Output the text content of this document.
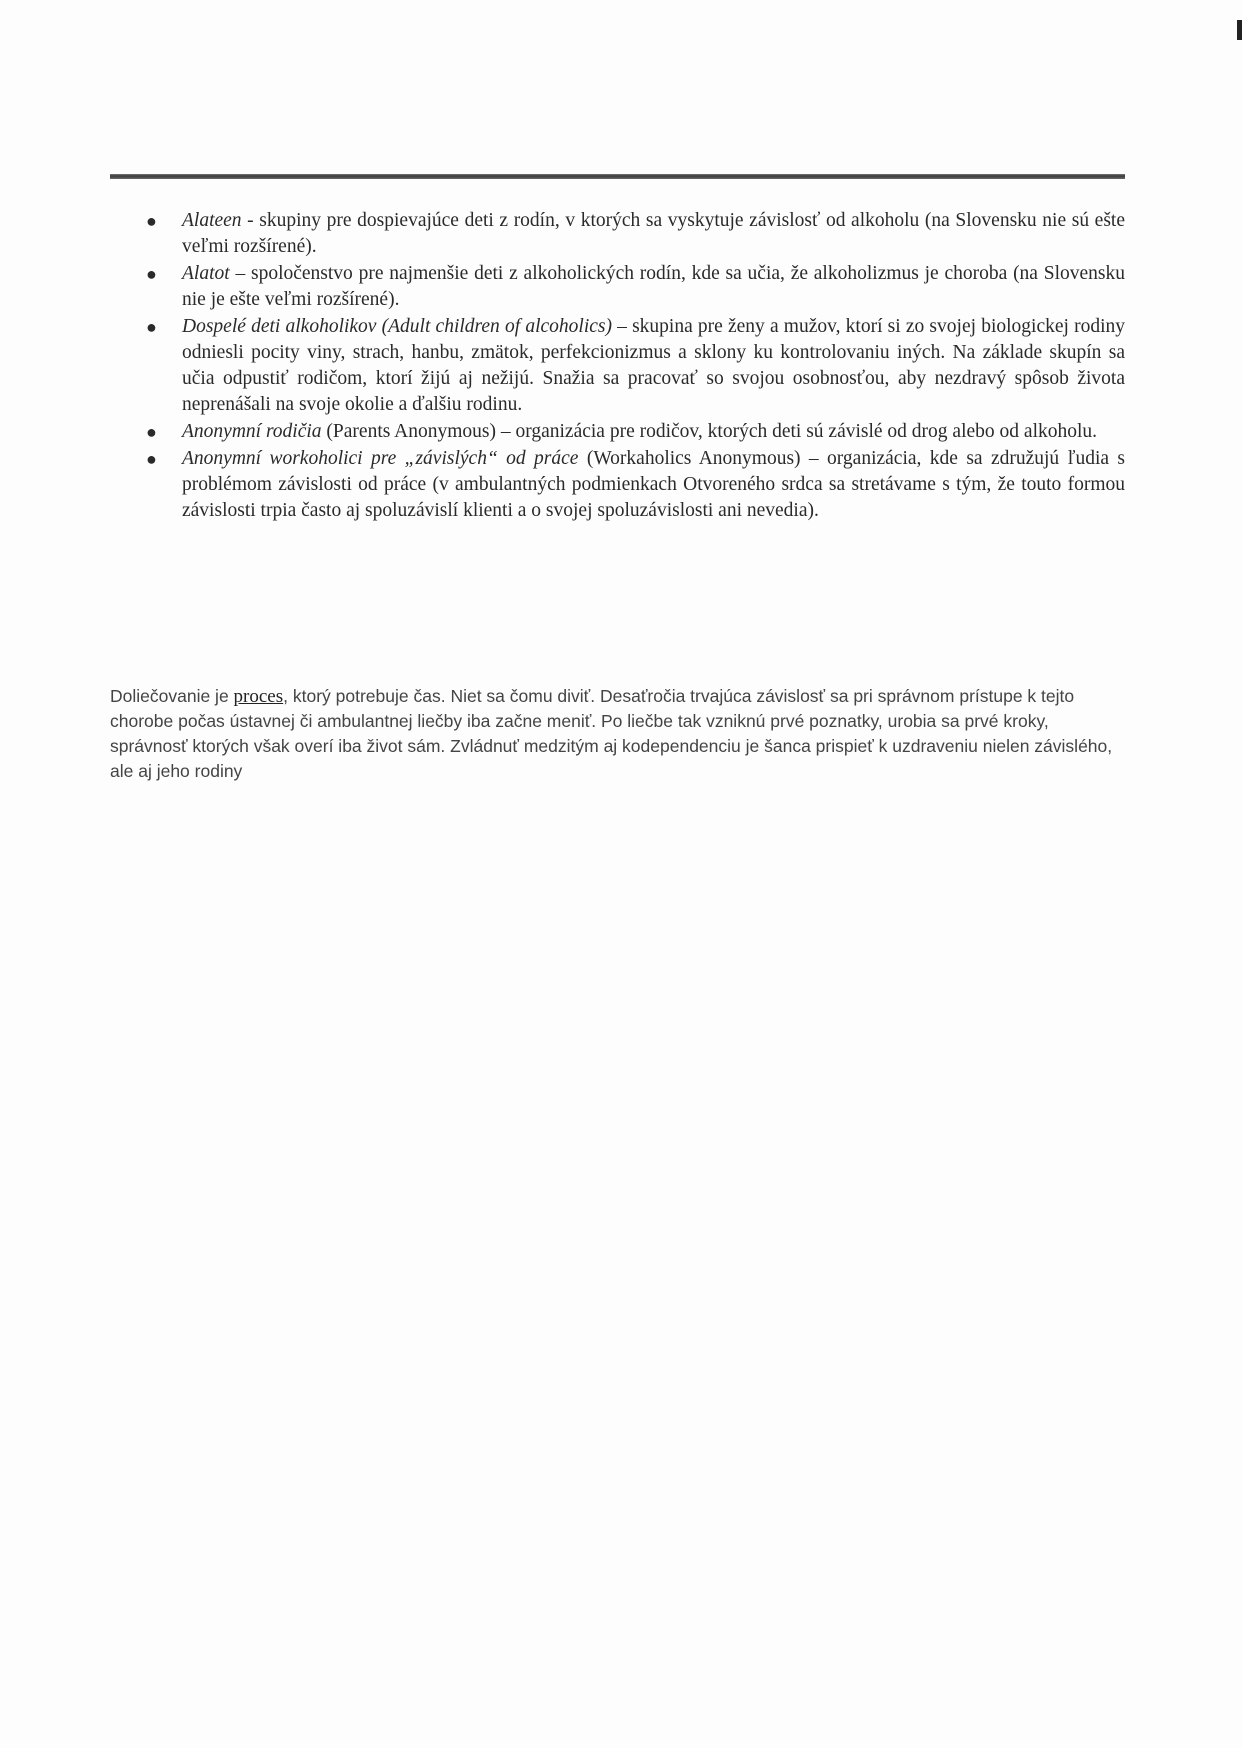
● Alateen - skupiny pre dospievajúce deti z rodín, v ktorých sa vyskytuje závislosť od alkoholu (na Slovensku nie sú ešte veľmi rozšírené).
● Alatot – spoločenstvo pre najmenšie deti z alkoholických rodín, kde sa učia, že alkoholizmus je choroba (na Slovensku nie je ešte veľmi rozšírené).
● Dospelé deti alkoholikov (Adult children of alcoholics) – skupina pre ženy a mužov, ktorí si zo svojej biologickej rodiny odniesli pocity viny, strach, hanbu, zmätok, perfekcionizmus a sklony ku kontrolovaniu iných. Na základe skupín sa učia odpustiť rodičom, ktorí žijú aj nežijú. Snažia sa pracovať so svojou osobnosťou, aby nezdravý spôsob života neprenášali na svoje okolie a ďalšiu rodinu.
● Anonymní rodičia (Parents Anonymous) – organizácia pre rodičov, ktorých deti sú závislé od drog alebo od alkoholu.
● Anonymní workoholici pre „závislých“ od práce (Workaholics Anonymous) – organizácia, kde sa združujú ľudia s problémom závislosti od práce (v ambulantných podmienkach Otvoreného srdca sa stretávame s tým, že touto formou závislosti trpia často aj spoluzávislí klienti a o svojej spoluzávislosti ani nevedia).

Doliečovanie je proces, ktorý potrebuje čas. Niet sa čomu diviť. Desaťročia trvajúca závislosť sa pri správnom prístupe k tejto chorobe počas ústavnej či ambulantnej liečby iba začne meniť. Po liečbe tak vzniknú prvé poznatky, urobia sa prvé kroky, správnosť ktorých však overí iba život sám. Zvládnuť medzitým aj kodependenciu je šanca prispieť k uzdraveniu nielen závislého, ale aj jeho rodiny
